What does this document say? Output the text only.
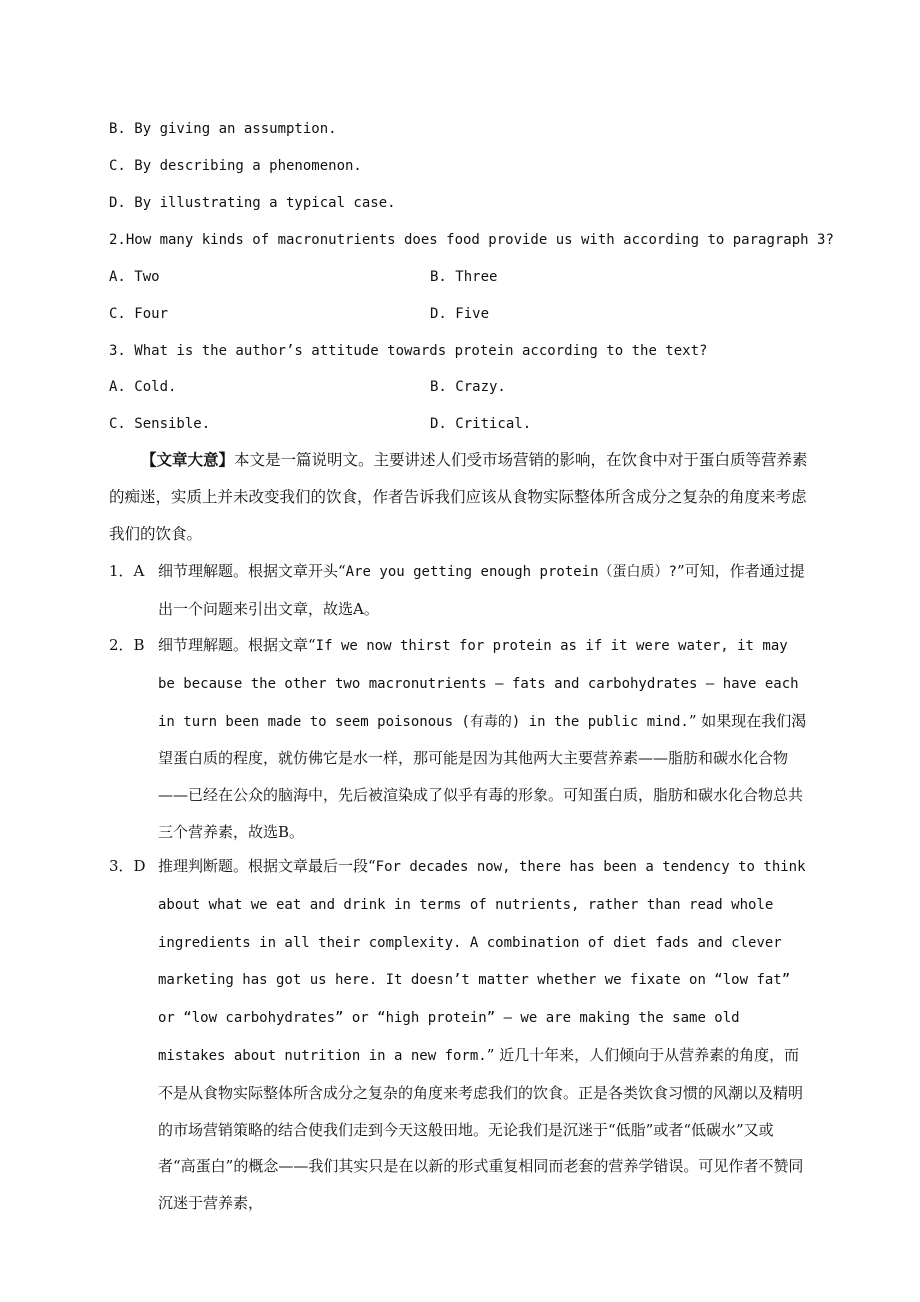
B. By giving an assumption.
C. By describing a phenomenon.
D. By illustrating a typical case.
2.How many kinds of macronutrients does food provide us with according to paragraph 3?
A. Two	B. Three
C. Four	D. Five
3. What is the author’s attitude towards protein according to the text?
A. Cold.	B. Crazy.
C. Sensible.	D. Critical.
【文章大意】本文是一篇说明文。主要讲述人们受市场营销的影响，在饮食中对于蛋白质等营养素的痴迷，实质上并未改变我们的饮食，作者告诉我们应该从食物实际整体所含成分之复杂的角度来考虑我们的饮食。
1．A 细节理解题。根据文章开头“Are you getting enough protein（蛋白质）?”可知，作者通过提出一个问题来引出文章，故选A。
2．B 细节理解题。根据文章“If we now thirst for protein as if it were water, it may be because the other two macronutrients — fats and carbohydrates — have each in turn been made to seem poisonous (有毒的) in the public mind.” 如果现在我们渴望蛋白质的程度，就仿佛它是水一样，那可能是因为其他两大主要营养素——脂肪和碳水化合物——已经在公众的脑海中，先后被渲染成了似乎有毒的形象。可知蛋白质，脂肪和碳水化合物总共三个营养素，故选B。
3．D 推理判断题。根据文章最后一段“For decades now, there has been a tendency to think about what we eat and drink in terms of nutrients, rather than read whole ingredients in all their complexity. A combination of diet fads and clever marketing has got us here. It doesn’t matter whether we fixate on “low fat” or “low carbohydrates” or “high protein” — we are making the same old mistakes about nutrition in a new form.” 近几十年来，人们倾向于从营养素的角度，而不是从食物实际整体所含成分之复杂的角度来考虑我们的饮食。正是各类饮食习惯的风潮以及精明的市场营销策略的结合使我们走到今天这般田地。无论我们是沉迷于“低脂”或者“低碳水”又或者“高蛋白”的概念——我们其实只是在以新的形式重复相同而老套的营养学错误。可见作者不赞同沉迷于营养素，
